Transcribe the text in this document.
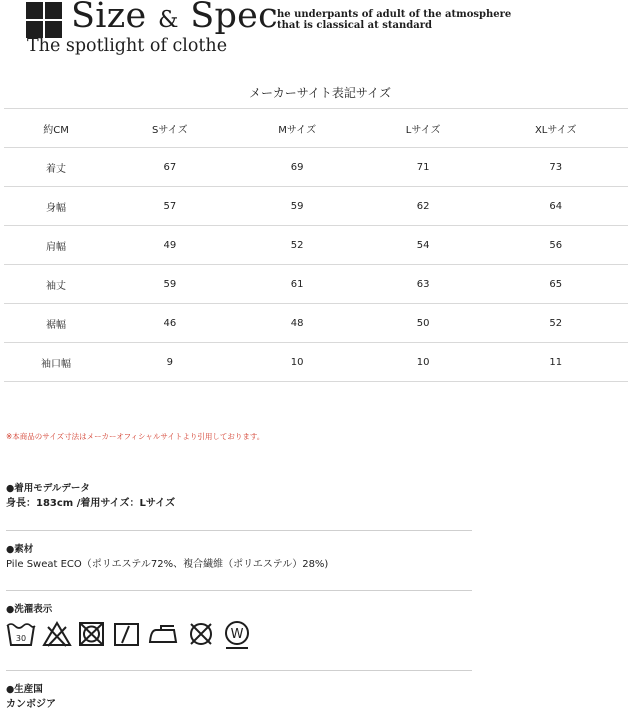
Size & Spec
The spotlight of clothe
he underpants of adult of the atmosphere
that is classical at standard
メーカーサイト表記サイズ
約CM	Sサイズ	Mサイズ	Lサイズ	XLサイズ
着丈	67	69	71	73
身幅	57	59	62	64
肩幅	49	52	54	56
袖丈	59	61	63	65
裾幅	46	48	50	52
袖口幅	9	10	10	11
※本商品のサイズ寸法はメーカーオフィシャルサイトより引用しております。
●着用モデルデータ
身長：183cm /着用サイズ：Lサイズ
●素材
Pile Sweat ECO（ポリエステル72%、複合繊維（ポリエステル）28%)
●洗濯表示
30	W
●生産国
カンボジア
